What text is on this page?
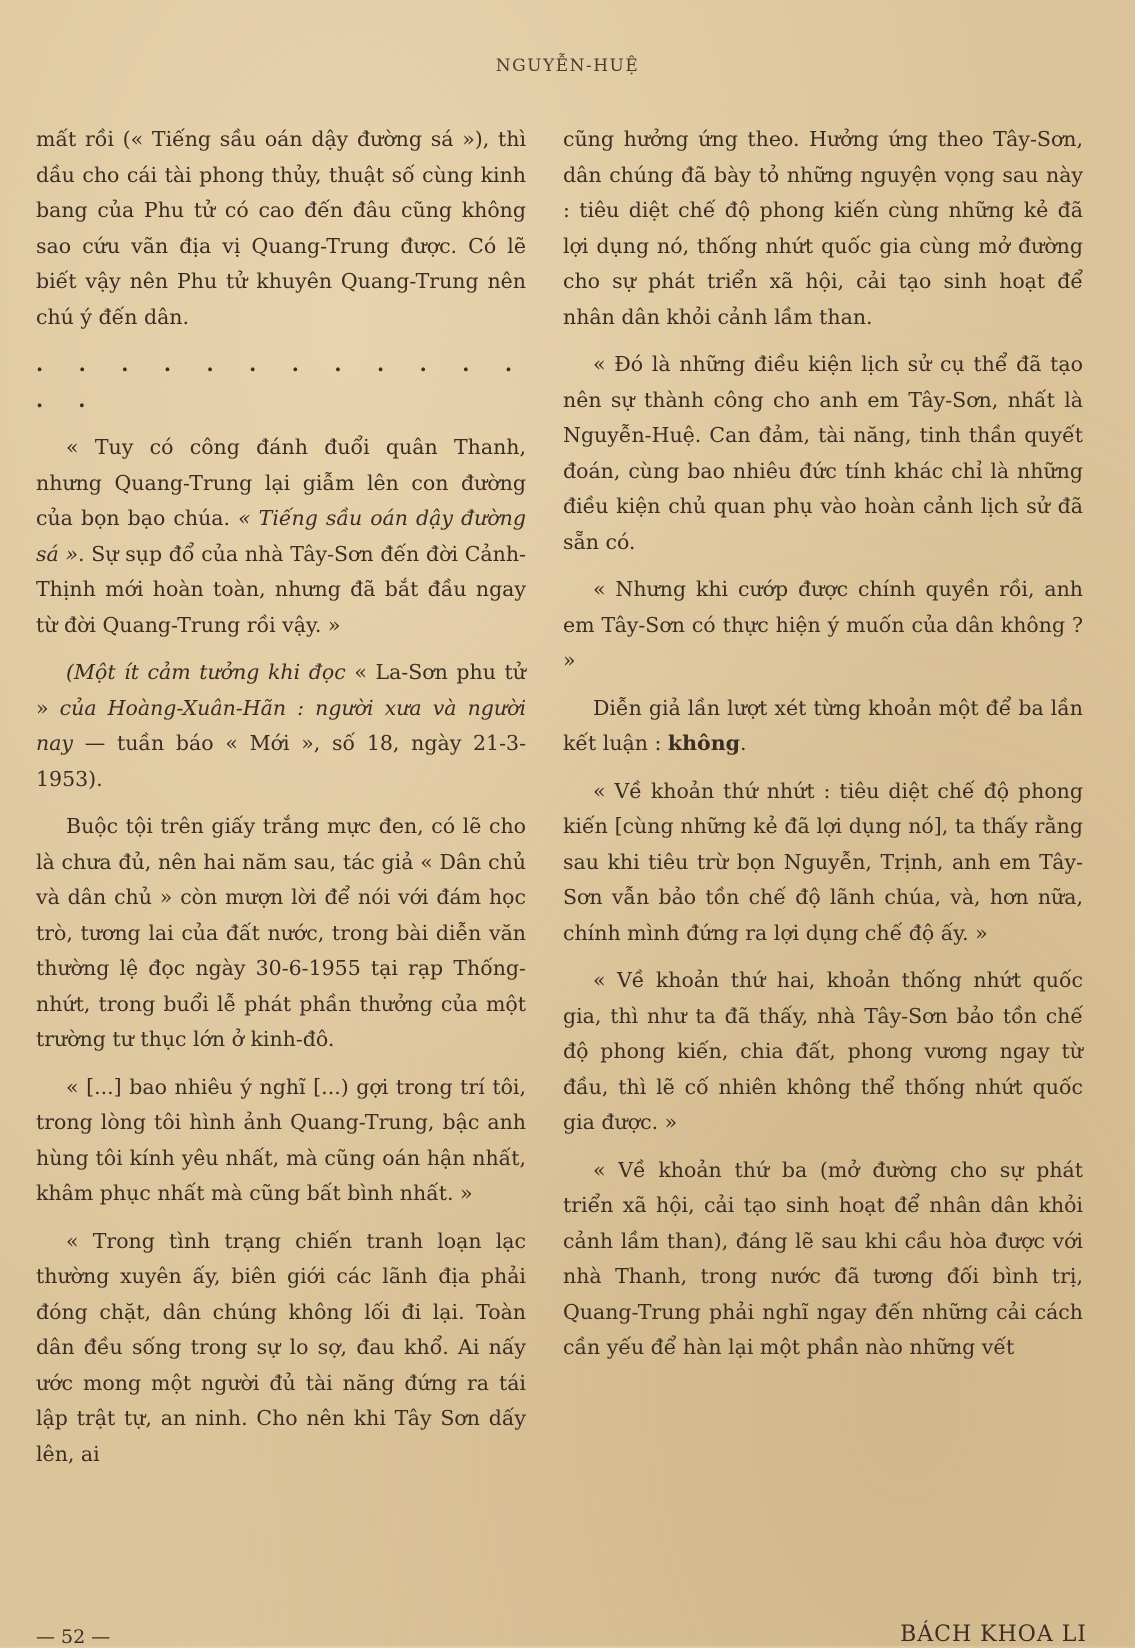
NGUYỄN-HUỆ

mất rồi (« Tiếng sầu oán dậy đường sá »), thì dầu cho cái tài phong thủy, thuật số cùng kinh bang của Phu tử có cao đến đâu cũng không sao cứu vãn địa vị Quang-Trung được. Có lẽ biết vậy nên Phu tử khuyên Quang-Trung nên chú ý đến dân.

. . . . . . . . . . . . . .

« Tuy có công đánh đuổi quân Thanh, nhưng Quang-Trung lại giẫm lên con đường của bọn bạo chúa. « Tiếng sầu oán dậy đường sá ». Sự sụp đổ của nhà Tây-Sơn đến đời Cảnh-Thịnh mới hoàn toàn, nhưng đã bắt đầu ngay từ đời Quang-Trung rồi vậy. »

(Một ít cảm tưởng khi đọc « La-Sơn phu tử » của Hoàng-Xuân-Hãn : người xưa và người nay — tuần báo « Mới », số 18, ngày 21-3-1953).

Buộc tội trên giấy trắng mực đen, có lẽ cho là chưa đủ, nên hai năm sau, tác giả « Dân chủ và dân chủ » còn mượn lời để nói với đám học trò, tương lai của đất nước, trong bài diễn văn thường lệ đọc ngày 30-6-1955 tại rạp Thống-nhứt, trong buổi lễ phát phần thưởng của một trường tư thục lớn ở kinh-đô.

« [...] bao nhiêu ý nghĩ [...) gợi trong trí tôi, trong lòng tôi hình ảnh Quang-Trung, bậc anh hùng tôi kính yêu nhất, mà cũng oán hận nhất, khâm phục nhất mà cũng bất bình nhất. »

« Trong tình trạng chiến tranh loạn lạc thường xuyên ấy, biên giới các lãnh địa phải đóng chặt, dân chúng không lối đi lại. Toàn dân đều sống trong sự lo sợ, đau khổ. Ai nấy ước mong một người đủ tài năng đứng ra tái lập trật tự, an ninh. Cho nên khi Tây Sơn dấy lên, ai

cũng hưởng ứng theo. Hưởng ứng theo Tây-Sơn, dân chúng đã bày tỏ những nguyện vọng sau này : tiêu diệt chế độ phong kiến cùng những kẻ đã lợi dụng nó, thống nhứt quốc gia cùng mở đường cho sự phát triển xã hội, cải tạo sinh hoạt để nhân dân khỏi cảnh lầm than.

« Đó là những điều kiện lịch sử cụ thể đã tạo nên sự thành công cho anh em Tây-Sơn, nhất là Nguyễn-Huệ. Can đảm, tài năng, tinh thần quyết đoán, cùng bao nhiêu đức tính khác chỉ là những điều kiện chủ quan phụ vào hoàn cảnh lịch sử đã sẵn có.

« Nhưng khi cướp được chính quyền rồi, anh em Tây-Sơn có thực hiện ý muốn của dân không ? »

Diễn giả lần lượt xét từng khoản một để ba lần kết luận : không.

« Về khoản thứ nhứt : tiêu diệt chế độ phong kiến [cùng những kẻ đã lợi dụng nó], ta thấy rằng sau khi tiêu trừ bọn Nguyễn, Trịnh, anh em Tây-Sơn vẫn bảo tồn chế độ lãnh chúa, và, hơn nữa, chính mình đứng ra lợi dụng chế độ ấy. »

« Về khoản thứ hai, khoản thống nhứt quốc gia, thì như ta đã thấy, nhà Tây-Sơn bảo tồn chế độ phong kiến, chia đất, phong vương ngay từ đầu, thì lẽ cố nhiên không thể thống nhứt quốc gia được. »

« Về khoản thứ ba (mở đường cho sự phát triển xã hội, cải tạo sinh hoạt để nhân dân khỏi cảnh lầm than), đáng lẽ sau khi cầu hòa được với nhà Thanh, trong nước đã tương đối bình trị, Quang-Trung phải nghĩ ngay đến những cải cách cần yếu để hàn lại một phần nào những vết

— 52 —	BÁCH KHOA LI
